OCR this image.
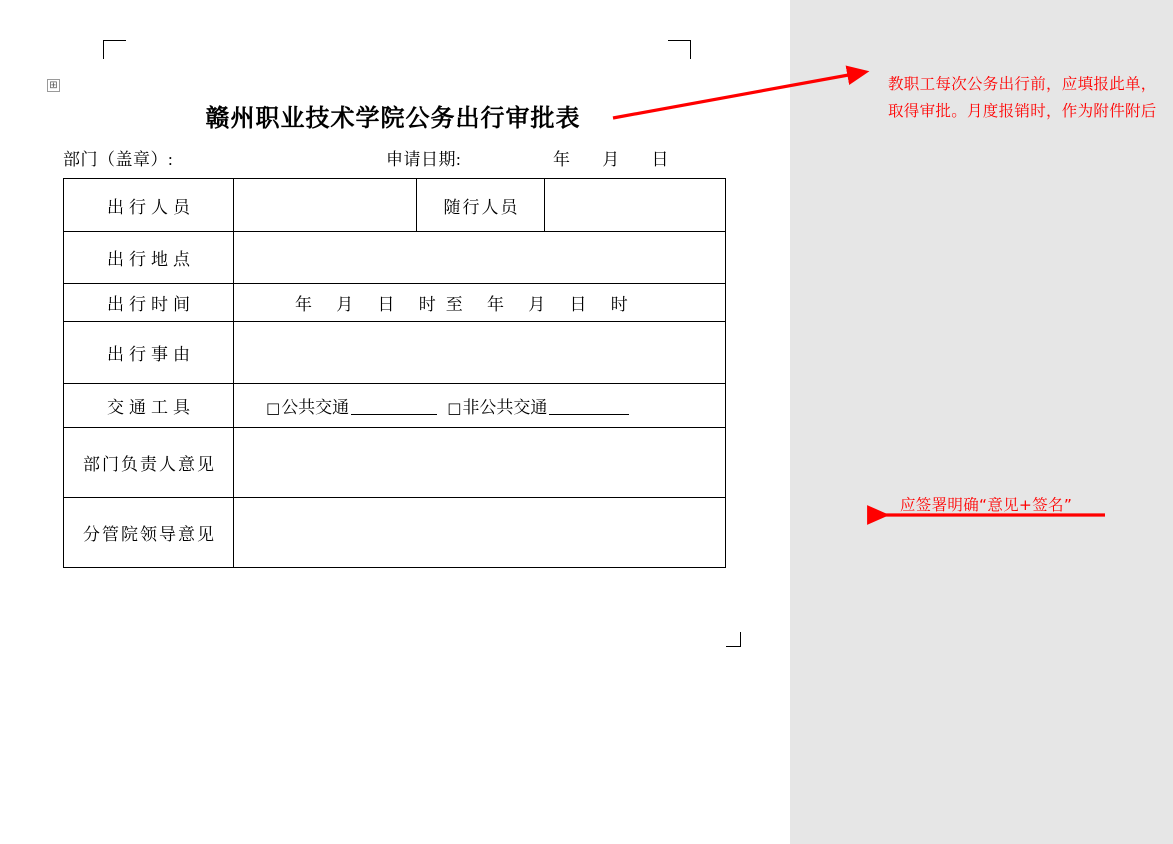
⊞
赣州职业技术学院公务出行审批表
部门（盖章）:	申请日期:	年 月 日
出行人员		随行人员	
出行地点			
出行时间	年 月 日 时至 年 月 日 时		

出行事由			
交通工具	□公共交通 □非公共交通		

部门负责人意见			
分管院领导意见			
教职工每次公务出行前，应填报此单，取得审批。月度报销时，作为附件附后
应签署明确“意见+签名”
